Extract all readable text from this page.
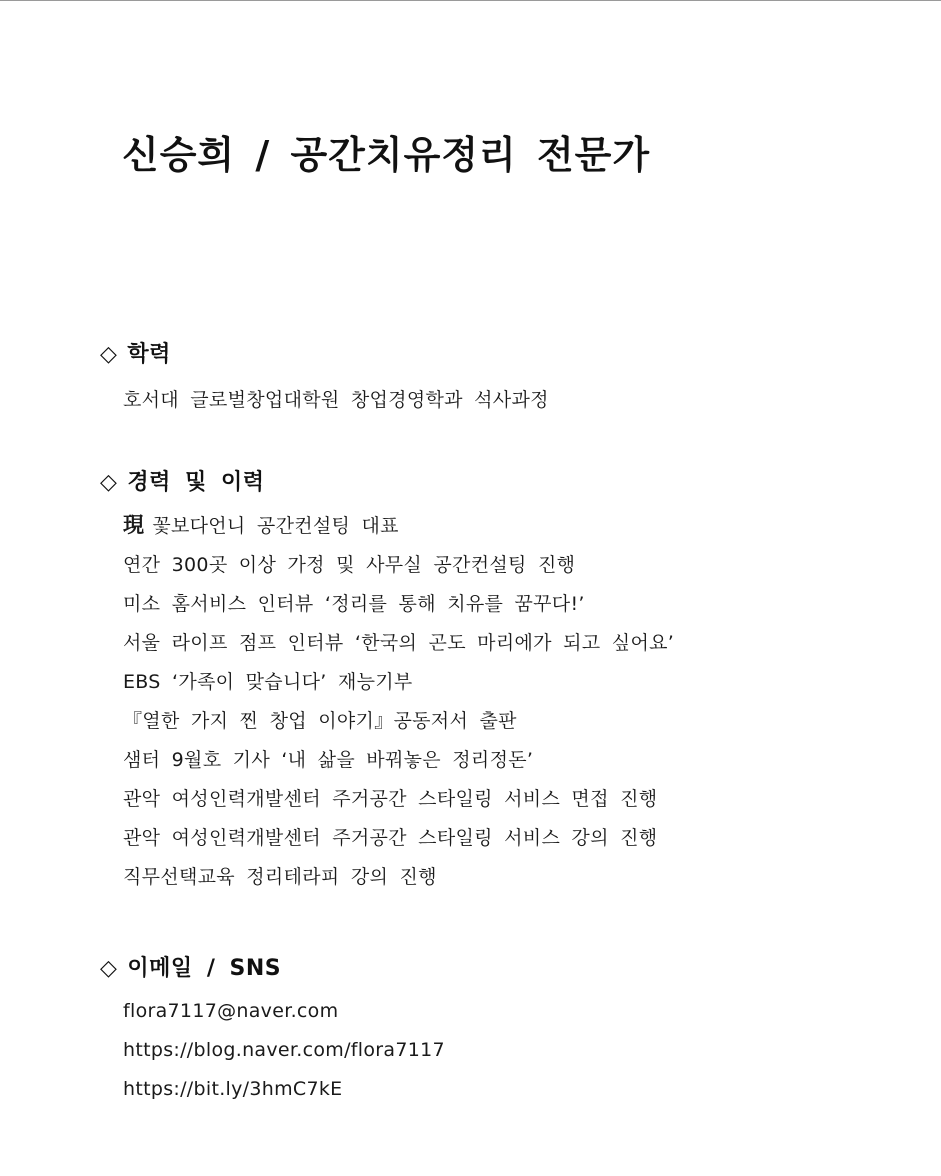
신승희 / 공간치유정리 전문가
◇ 학력
호서대 글로벌창업대학원 창업경영학과 석사과정
◇ 경력 및 이력
現 꽃보다언니 공간컨설팅 대표
연간 300곳 이상 가정 및 사무실 공간컨설팅 진행
미소 홈서비스 인터뷰 ‘정리를 통해 치유를 꿈꾸다!’
서울 라이프 점프 인터뷰 ‘한국의 곤도 마리에가 되고 싶어요’
EBS ‘가족이 맞습니다’ 재능기부
『열한 가지 찐 창업 이야기』공동저서 출판
샘터 9월호 기사 ‘내 삶을 바꿔놓은 정리정돈’
관악 여성인력개발센터 주거공간 스타일링 서비스 면접 진행
관악 여성인력개발센터 주거공간 스타일링 서비스 강의 진행
직무선택교육 정리테라피 강의 진행
◇ 이메일 / SNS
flora7117@naver.com
https://blog.naver.com/flora7117
https://bit.ly/3hmC7kE
